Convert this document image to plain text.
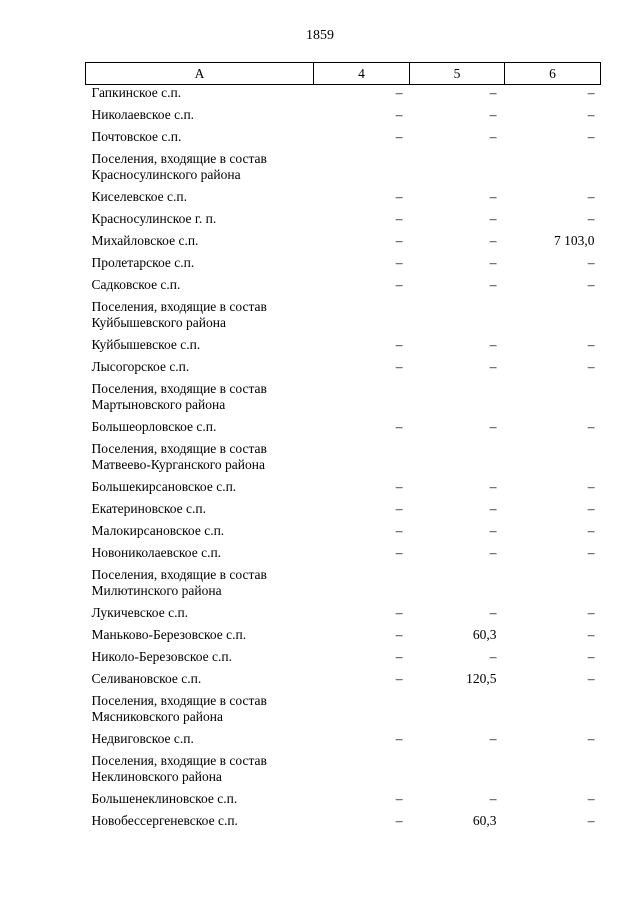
1859
А	4	5	6
Гапкинское с.п.	–	–	–
Николаевское с.п.	–	–	–
Почтовское с.п.	–	–	–
Поселения, входящие в состав Красносулинского района			
Киселевское с.п.	–	–	–
Красносулинское г. п.	–	–	–
Михайловское с.п.	–	–	7 103,0
Пролетарское с.п.	–	–	–
Садковское с.п.	–	–	–
Поселения, входящие в состав Куйбышевского района			
Куйбышевское с.п.	–	–	–
Лысогорское с.п.	–	–	–
Поселения, входящие в состав Мартыновского района			
Большеорловское с.п.	–	–	–
Поселения, входящие в состав Матвеево-Курганского района			
Большекирсановское с.п.	–	–	–
Екатериновское с.п.	–	–	–
Малокирсановское с.п.	–	–	–
Новониколаевское с.п.	–	–	–
Поселения, входящие в состав Милютинского района			
Лукичевское с.п.	–	–	–
Маньково-Березовское с.п.	–	60,3	–
Николо-Березовское с.п.	–	–	–
Селивановское с.п.	–	120,5	–
Поселения, входящие в состав Мясниковского района			
Недвиговское с.п.	–	–	–
Поселения, входящие в состав Неклиновского района			
Большенеклиновское с.п.	–	–	–
Новобессергеневское с.п.	–	60,3	–
